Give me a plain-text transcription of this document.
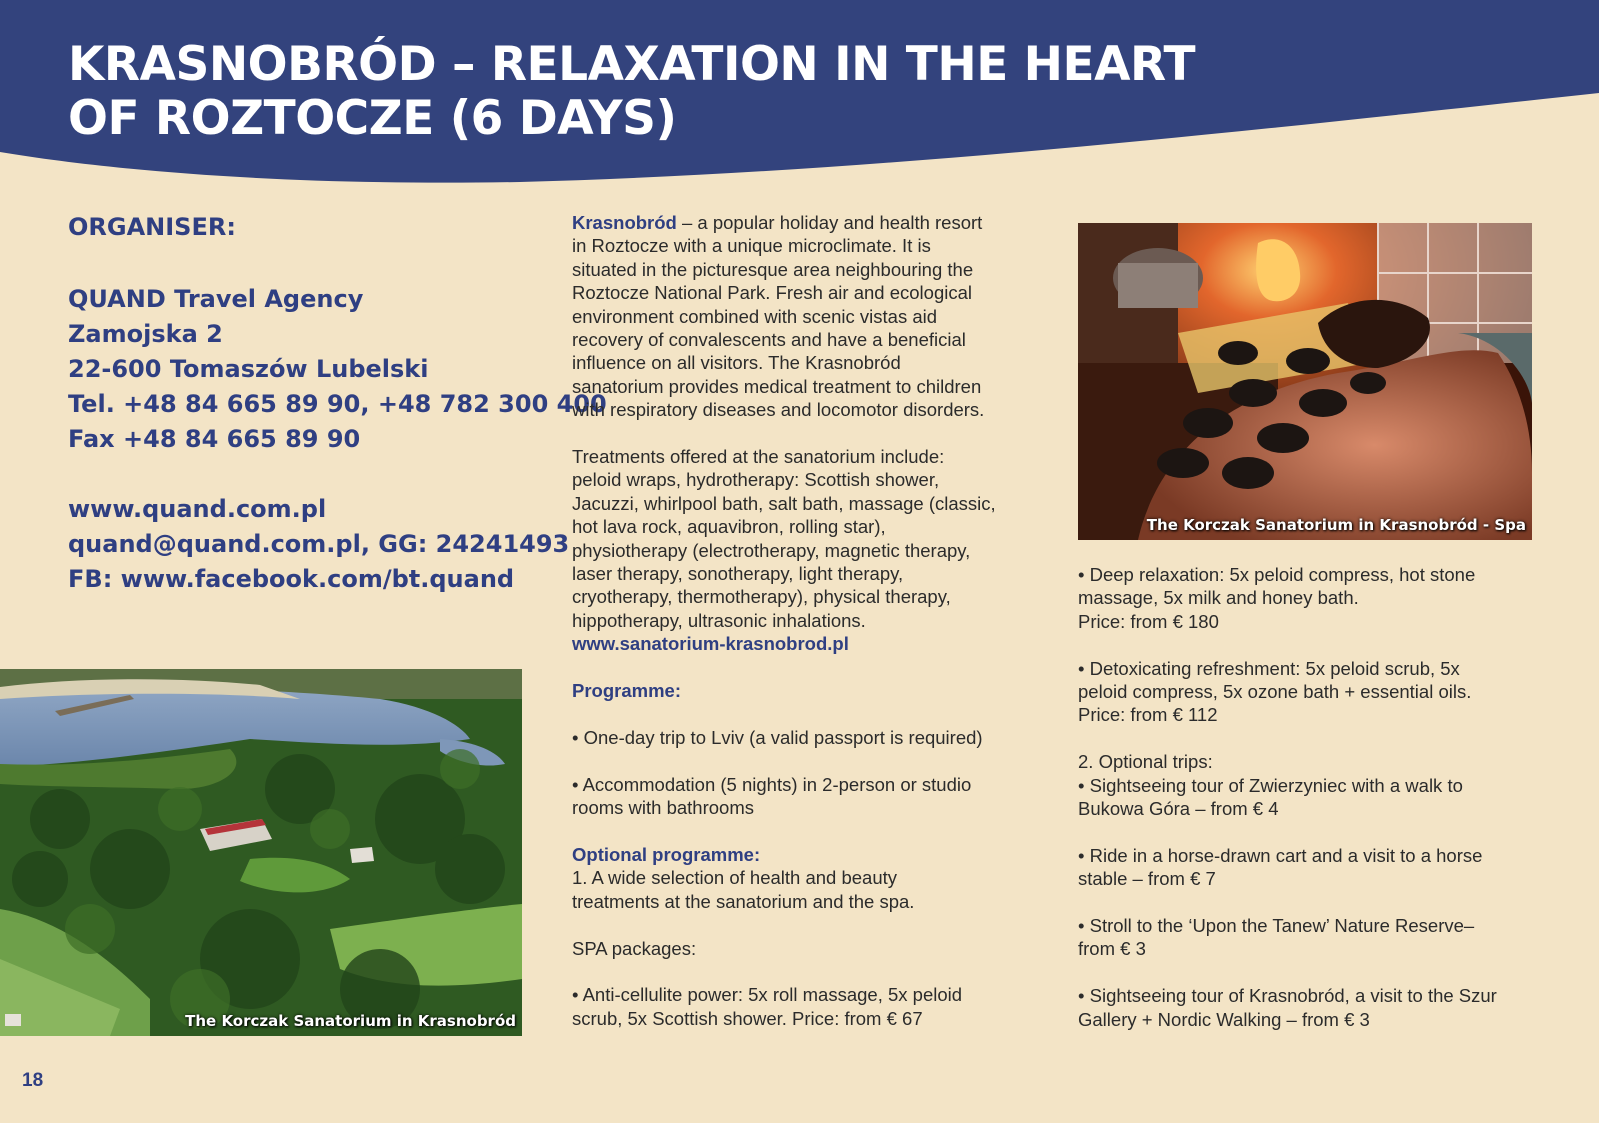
KRASNOBRÓD – RELAXATION IN THE HEART
OF ROZTOCZE (6 DAYS)
ORGANISER:
QUAND Travel Agency
Zamojska 2
22-600 Tomaszów Lubelski
Tel. +48 84 665 89 90, +48 782 300 400
Fax +48 84 665 89 90
www.quand.com.pl
quand@quand.com.pl, GG: 24241493
FB: www.facebook.com/bt.quand
The Korczak Sanatorium in Krasnobród
The Korczak Sanatorium in Krasnobród - Spa

Krasnobród – a popular holiday and health resort
in Roztocze with a unique microclimate. It is
situated in the picturesque area neighbouring the
Roztocze National Park. Fresh air and ecological
environment combined with scenic vistas aid
recovery of convalescents and have a beneficial
influence on all visitors. The Krasnobród
sanatorium provides medical treatment to children
with respiratory diseases and locomotor disorders.

Treatments offered at the sanatorium include:
peloid wraps, hydrotherapy: Scottish shower,
Jacuzzi, whirlpool bath, salt bath, massage (classic,
hot lava rock, aquavibron, rolling star),
physiotherapy (electrotherapy, magnetic therapy,
laser therapy, sonotherapy, light therapy,
cryotherapy, thermotherapy), physical therapy,
hippotherapy, ultrasonic inhalations.
www.sanatorium-krasnobrod.pl

Programme:

• One-day trip to Lviv (a valid passport is required)

• Accommodation (5 nights) in 2-person or studio
rooms with bathrooms

Optional programme:
1. A wide selection of health and beauty
treatments at the sanatorium and the spa.

SPA packages:

• Anti-cellulite power: 5x roll massage, 5x peloid
scrub, 5x Scottish shower. Price: from € 67

• Deep relaxation: 5x peloid compress, hot stone
massage, 5x milk and honey bath.
Price: from € 180

• Detoxicating refreshment: 5x peloid scrub, 5x
peloid compress, 5x ozone bath + essential oils.
Price: from € 112

2. Optional trips:
• Sightseeing tour of Zwierzyniec with a walk to
Bukowa Góra – from € 4

• Ride in a horse-drawn cart and a visit to a horse
stable – from € 7

• Stroll to the ‘Upon the Tanew’ Nature Reserve–
from € 3

• Sightseeing tour of Krasnobród, a visit to the Szur
Gallery + Nordic Walking – from € 3

18
